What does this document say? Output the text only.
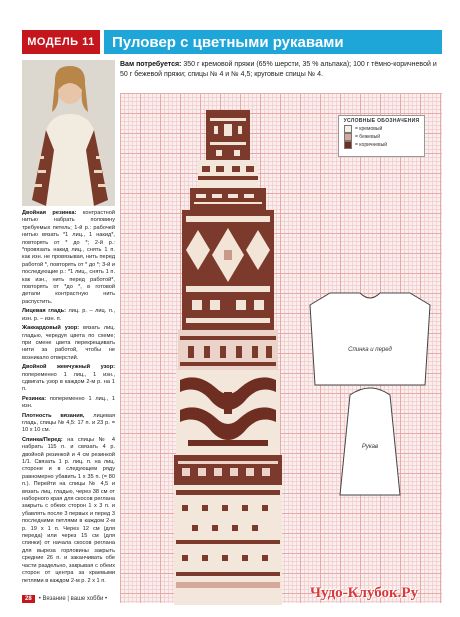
МОДЕЛЬ 11	Пуловер с цветными рукавами
Вам потребуется: 350 г кремовой пряжи (65% шерсти, 35 % альпака); 100 г тёмно-коричневой и 50 г бежевой пряжи; спицы № 4 и № 4,5; круговые спицы № 4.

Двойная резинка: контрастной нитью набрать половину требуемых петель; 1-й р.: рабочей нитью вязать *1 лиц., 1 накид*, повторять от * до *; 2-й р.: *провязать накид лиц., снять 1 п. как изн. не провязывая, нить перед работой *, повторять от * до *; 3-й и последующие р.: *1 лиц., снять 1 п. как изн., нить перед работой*, повторять от *до *, в готовой детали контрастную нить распустить.

Лицевая гладь: лиц. р. – лиц. п., изн. р. – изн. п.

Жаккардовый узор: вязать лиц. гладью, чередуя цвета по схеме; при смене цвета перекрещивать нити за работой, чтобы не возникало отверстий.

Двойной жемчужный узор: попеременно 1 лиц., 1 изн., сдвигать узор в каждом 2-м р. на 1 п.

Резинка: попеременно 1 лиц., 1 изн.

Плотность вязания, лицевая гладь, спицы № 4,5: 17 п. и 23 р. = 10 х 10 см.

Спинка/Перед: на спицы № 4 набрать 115 п. и связать 4 р. двойной резинкой и 4 см резинкой 1/1. Связать 1 р. лиц. п. на лиц. стороне и в следующем ряду равномерно убавить 1 х 35 п. (= 80 п.). Перейти на спицы № 4,5 и вязать лиц. гладью, через 38 см от наборного края для скосов реглана закрыть с обеих сторон 1 х 3 п. и убавлять после 3 первых и перед 3 последними петлями в каждом 2-м р. 19 х 1 п. Через 12 см (для переда) или через 15 см (для спинки) от начала скосов реглана для выреза горловины закрыть средние 26 п. и заканчивать обе части раздельно, закрывая с обеих сторон от центра за краевыми петлями в каждом 2-м р. 2 х 1 п.

УСЛОВНЫЕ ОБОЗНАЧЕНИЯ
= кремовый
= бежевый
= коричневый
Спинка и перед
Рукав
28	• Вязание | ваше хобби •	Чудо-Клубок.Ру
